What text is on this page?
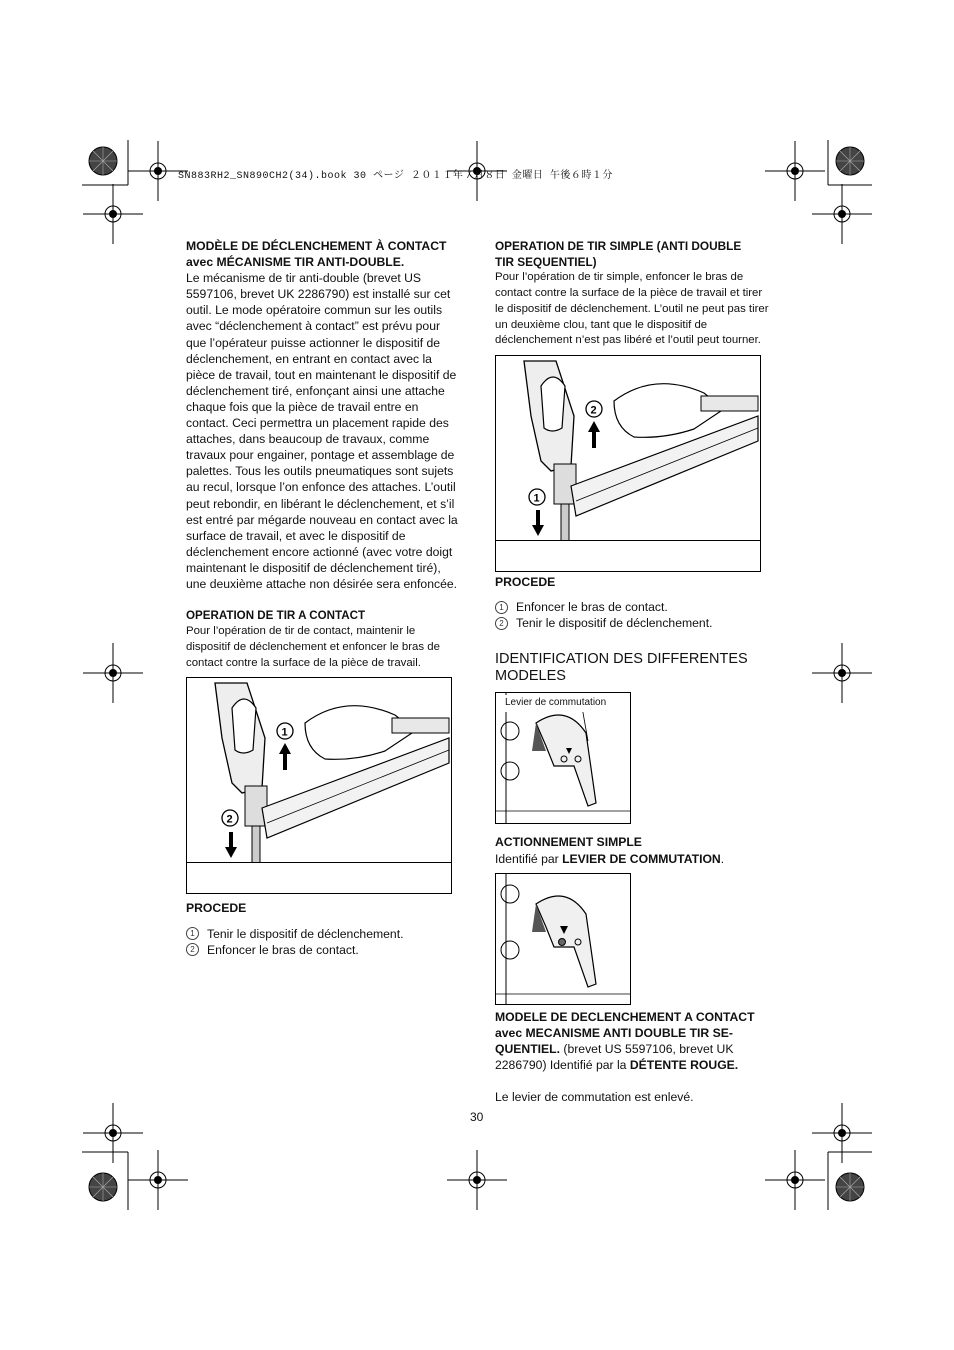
SN883RH2_SN890CH2(34).book 30 ページ ２０１１年７月８日 金曜日 午後６時１分

MODÈLE DE DÉCLENCHEMENT À CONTACT

avec MÉCANISME TIR ANTI-DOUBLE.

Le mécanisme de tir anti-double (brevet US 5597106, brevet UK 2286790) est installé sur cet outil. Le mode opératoire commun sur les outils avec “déclenchement à contact” est prévu pour que l’opérateur puisse actionner le dispositif de déclenchement, en entrant en contact avec la pièce de travail, tout en maintenant le dispositif de déclenchement tiré, enfonçant ainsi une attache chaque fois que la pièce de travail entre en contact. Ceci permettra un placement rapide des attaches, dans beaucoup de travaux, comme travaux pour engainer, pontage et assemblage de palettes. Tous les outils pneumatiques sont sujets au recul, lorsque l’on enfonce des attaches. L’outil peut rebondir, en libérant le déclenchement, et s’il est entré par mégarde nouveau en contact avec la surface de travail, et avec le dispositif de déclenchement encore actionné (avec votre doigt maintenant le dispositif de déclenchement tiré), une deuxième attache non désirée sera enfoncée.

OPERATION DE TIR A CONTACT

Pour l’opération de tir de contact, maintenir le dispositif de déclenchement et enfoncer le bras de contact contre la surface de la pièce de travail.

1
2

PROCEDE

1	Tenir le dispositif de déclenchement.
2	Enfoncer le bras de contact.

OPERATION DE TIR SIMPLE (ANTI DOUBLE

TIR SEQUENTIEL)

Pour l’opération de tir simple, enfoncer le bras de contact contre la surface de la pièce de travail et tirer le dispositif de déclenchement. L’outil ne peut pas tirer un deuxième clou, tant que le dispositif de déclenchement n’est pas libéré et l’outil peut tourner.

2
1

PROCEDE

1	Enfoncer le bras de contact.
2	Tenir le dispositif de déclenchement.

IDENTIFICATION DES DIFFERENTES

MODELES

Levier de commutation

ACTIONNEMENT SIMPLE

Identifié par LEVIER DE COMMUTATION.

MODELE DE DECLENCHEMENT A CONTACT

avec MECANISME ANTI DOUBLE TIR SE-

QUENTIEL. (brevet US 5597106, brevet UK 2286790) Identifié par la DÉTENTE ROUGE.

Le levier de commutation est enlevé.

30
